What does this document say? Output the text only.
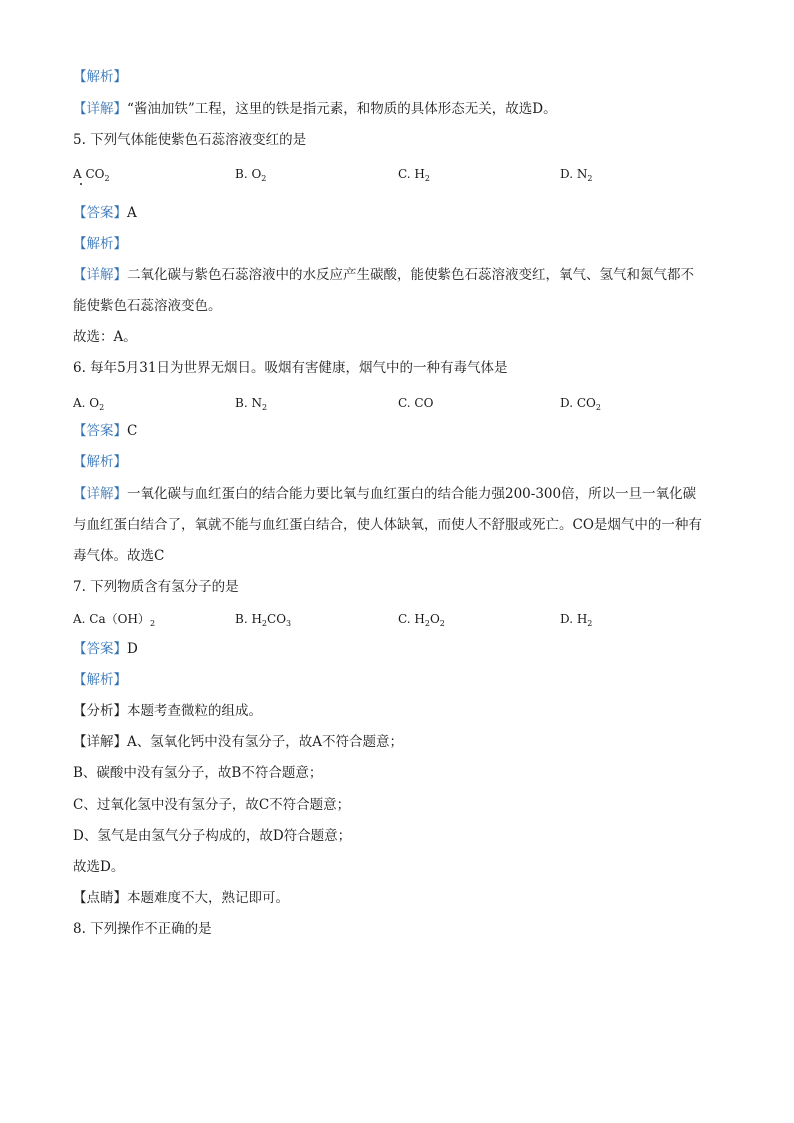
【解析】
【详解】“酱油加铁”工程，这里的铁是指元素，和物质的具体形态无关，故选D。
5. 下列气体能使紫色石蕊溶液变红的是
A $CO_2$	B. $O_2$	C. $H_2$	D. $N_2$
【答案】A
【解析】
【详解】二氧化碳与紫色石蕊溶液中的水反应产生碳酸，能使紫色石蕊溶液变红，氧气、氢气和氮气都不
能使紫色石蕊溶液变色。
故选：A。
6. 每年5月31日为世界无烟日。吸烟有害健康，烟气中的一种有毒气体是
A. $O_2$	B. $N_2$	C. CO	D. $CO_2$
【答案】C
【解析】
【详解】一氧化碳与血红蛋白的结合能力要比氧与血红蛋白的结合能力强200-300倍，所以一旦一氧化碳
与血红蛋白结合了，氧就不能与血红蛋白结合，使人体缺氧，而使人不舒服或死亡。CO是烟气中的一种有
毒气体。故选C
7. 下列物质含有氢分子的是
A. $Ca(OH)_2$	B. $H_2CO_3$	C. $H_2O_2$	D. $H_2$
【答案】D
【解析】
【分析】本题考查微粒的组成。
【详解】A、氢氧化钙中没有氢分子，故A不符合题意；
B、碳酸中没有氢分子，故B不符合题意；
C、过氧化氢中没有氢分子，故C不符合题意；
D、氢气是由氢气分子构成的，故D符合题意；
故选D。
【点睛】本题难度不大，熟记即可。
8. 下列操作不正确的是
